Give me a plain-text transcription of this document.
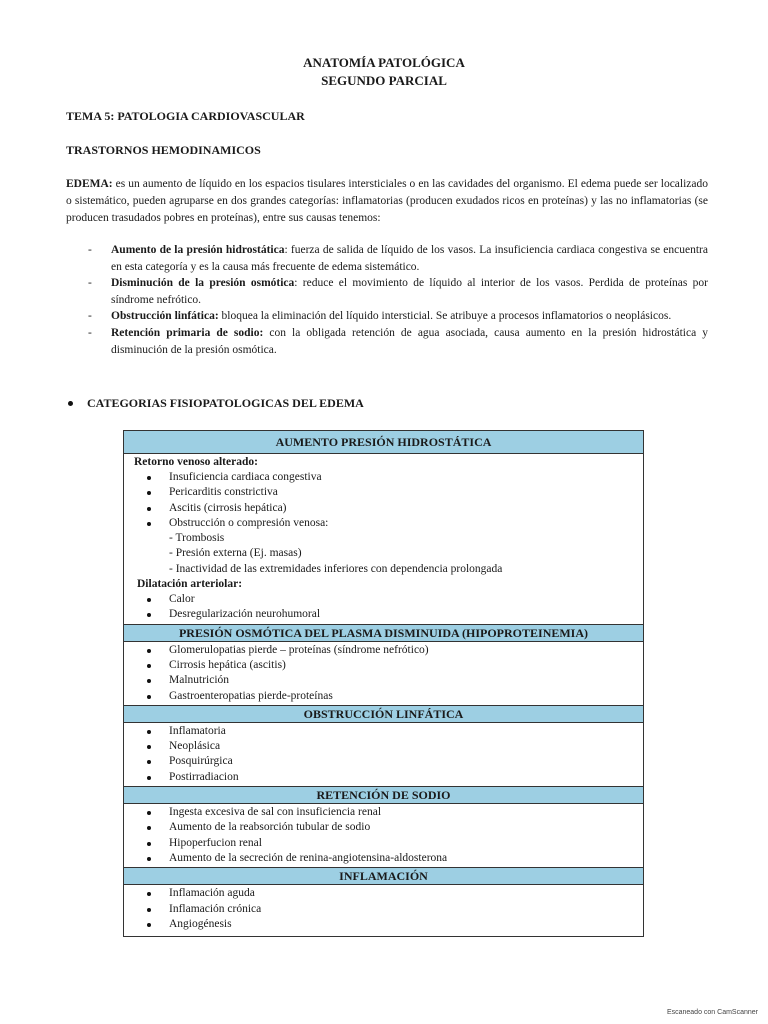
ANATOMÍA PATOLÓGICA
SEGUNDO PARCIAL
TEMA 5: PATOLOGIA CARDIOVASCULAR
TRASTORNOS HEMODINAMICOS
EDEMA: es un aumento de líquido en los espacios tisulares intersticiales o en las cavidades del organismo. El edema puede ser localizado o sistemático, pueden agruparse en dos grandes categorías: inflamatorias (producen exudados ricos en proteínas) y las no inflamatorias (se producen trasudados pobres en proteínas), entre sus causas tenemos:
- Aumento de la presión hidrostática: fuerza de salida de líquido de los vasos. La insuficiencia cardiaca congestiva se encuentra en esta categoría y es la causa más frecuente de edema sistemático.
- Disminución de la presión osmótica: reduce el movimiento de líquido al interior de los vasos. Perdida de proteínas por síndrome nefrótico.
- Obstrucción linfática: bloquea la eliminación del líquido intersticial. Se atribuye a procesos inflamatorios o neoplásicos.
- Retención primaria de sodio: con la obligada retención de agua asociada, causa aumento en la presión hidrostática y disminución de la presión osmótica.
CATEGORIAS FISIOPATOLOGICAS DEL EDEMA
AUMENTO PRESIÓN HIDROSTÁTICA
Retorno venoso alterado:
Insuficiencia cardiaca congestiva
Pericarditis constrictiva
Ascitis (cirrosis hepática)
Obstrucción o compresión venosa:
- Trombosis
- Presión externa (Ej. masas)
- Inactividad de las extremidades inferiores con dependencia prolongada
Dilatación arteriolar:
Calor
Desregularización neurohumoral
PRESIÓN OSMÓTICA DEL PLASMA DISMINUIDA (HIPOPROTEINEMIA)
Glomerulopatias pierde – proteínas (síndrome nefrótico)
Cirrosis hepática (ascitis)
Malnutrición
Gastroenteropatias pierde-proteínas
OBSTRUCCIÓN LINFÁTICA
Inflamatoria
Neoplásica
Posquirúrgica
Postirradiacion
RETENCIÓN DE SODIO
Ingesta excesiva de sal con insuficiencia renal
Aumento de la reabsorción tubular de sodio
Hipoperfucion renal
Aumento de la secreción de renina-angiotensina-aldosterona
INFLAMACIÓN
Inflamación aguda
Inflamación crónica
Angiogénesis
Escaneado con CamScanner
